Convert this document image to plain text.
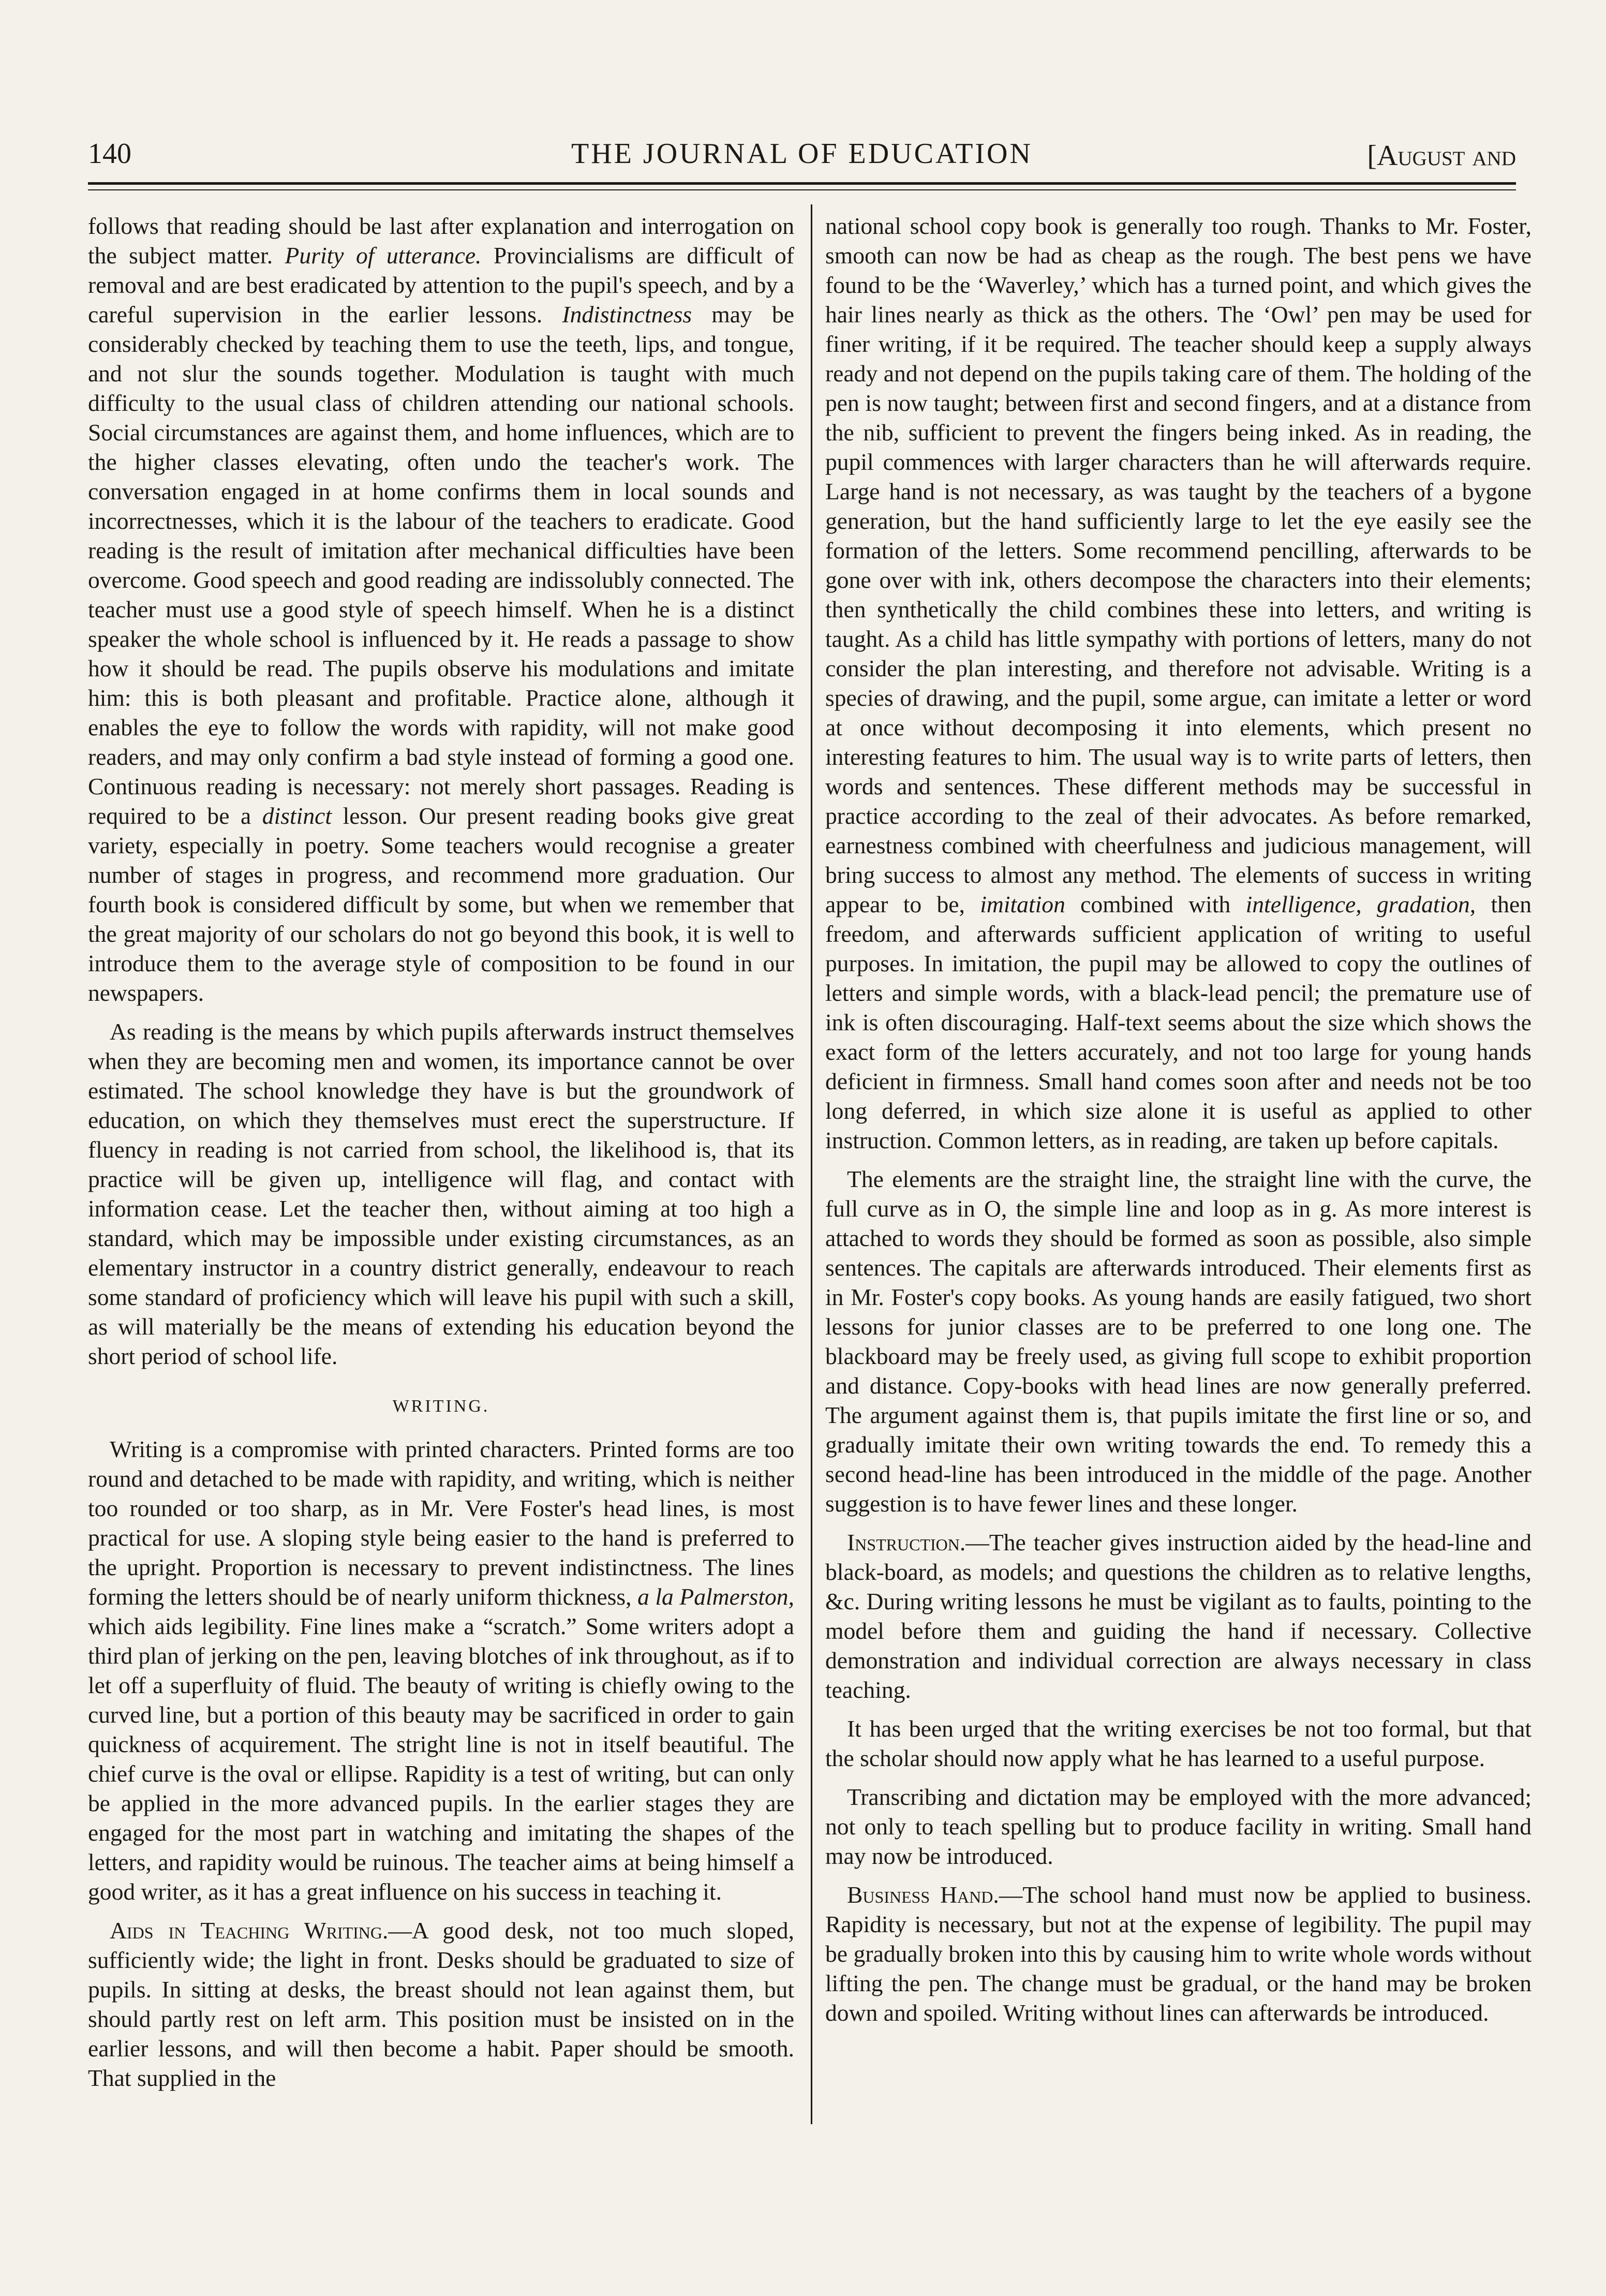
140	THE JOURNAL OF EDUCATION	[August and

follows that reading should be last after explanation and interrogation on the subject matter. Purity of utterance. Provincialisms are difficult of removal and are best eradicated by attention to the pupil's speech, and by a careful supervision in the earlier lessons. Indistinctness may be considerably checked by teaching them to use the teeth, lips, and tongue, and not slur the sounds together. Modulation is taught with much difficulty to the usual class of children attending our national schools. Social circumstances are against them, and home influences, which are to the higher classes elevating, often undo the teacher's work. The conversation engaged in at home confirms them in local sounds and incorrectnesses, which it is the labour of the teachers to eradicate. Good reading is the result of imitation after mechanical difficulties have been overcome. Good speech and good reading are indissolubly connected. The teacher must use a good style of speech himself. When he is a distinct speaker the whole school is influenced by it. He reads a passage to show how it should be read. The pupils observe his modulations and imitate him: this is both pleasant and profitable. Practice alone, although it enables the eye to follow the words with rapidity, will not make good readers, and may only confirm a bad style instead of forming a good one. Continuous reading is necessary: not merely short passages. Reading is required to be a distinct lesson. Our present reading books give great variety, especially in poetry. Some teachers would recognise a greater number of stages in progress, and recommend more graduation. Our fourth book is considered difficult by some, but when we remember that the great majority of our scholars do not go beyond this book, it is well to introduce them to the average style of composition to be found in our newspapers.

As reading is the means by which pupils afterwards instruct themselves when they are becoming men and women, its importance cannot be over estimated. The school knowledge they have is but the groundwork of education, on which they themselves must erect the superstructure. If fluency in reading is not carried from school, the likelihood is, that its practice will be given up, intelligence will flag, and contact with information cease. Let the teacher then, without aiming at too high a standard, which may be impossible under existing circumstances, as an elementary instructor in a country district generally, endeavour to reach some standard of proficiency which will leave his pupil with such a skill, as will materially be the means of extending his education beyond the short period of school life.

WRITING.

Writing is a compromise with printed characters. Printed forms are too round and detached to be made with rapidity, and writing, which is neither too rounded or too sharp, as in Mr. Vere Foster's head lines, is most practical for use. A sloping style being easier to the hand is preferred to the upright. Proportion is necessary to prevent indistinctness. The lines forming the letters should be of nearly uniform thickness, a la Palmerston, which aids legibility. Fine lines make a “scratch.” Some writers adopt a third plan of jerking on the pen, leaving blotches of ink throughout, as if to let off a superfluity of fluid. The beauty of writing is chiefly owing to the curved line, but a portion of this beauty may be sacrificed in order to gain quickness of acquirement. The stright line is not in itself beautiful. The chief curve is the oval or ellipse. Rapidity is a test of writing, but can only be applied in the more advanced pupils. In the earlier stages they are engaged for the most part in watching and imitating the shapes of the letters, and rapidity would be ruinous. The teacher aims at being himself a good writer, as it has a great influence on his success in teaching it.

Aids in Teaching Writing.—A good desk, not too much sloped, sufficiently wide; the light in front. Desks should be graduated to size of pupils. In sitting at desks, the breast should not lean against them, but should partly rest on left arm. This position must be insisted on in the earlier lessons, and will then become a habit. Paper should be smooth. That supplied in the

national school copy book is generally too rough. Thanks to Mr. Foster, smooth can now be had as cheap as the rough. The best pens we have found to be the ‘Waverley,’ which has a turned point, and which gives the hair lines nearly as thick as the others. The ‘Owl’ pen may be used for finer writing, if it be required. The teacher should keep a supply always ready and not depend on the pupils taking care of them. The holding of the pen is now taught; between first and second fingers, and at a distance from the nib, sufficient to prevent the fingers being inked. As in reading, the pupil commences with larger characters than he will afterwards require. Large hand is not necessary, as was taught by the teachers of a bygone generation, but the hand sufficiently large to let the eye easily see the formation of the letters. Some recommend pencilling, afterwards to be gone over with ink, others decompose the characters into their elements; then synthetically the child combines these into letters, and writing is taught. As a child has little sympathy with portions of letters, many do not consider the plan interesting, and therefore not advisable. Writing is a species of drawing, and the pupil, some argue, can imitate a letter or word at once without decomposing it into elements, which present no interesting features to him. The usual way is to write parts of letters, then words and sentences. These different methods may be successful in practice according to the zeal of their advocates. As before remarked, earnestness combined with cheerfulness and judicious management, will bring success to almost any method. The elements of success in writing appear to be, imitation combined with intelligence, gradation, then freedom, and afterwards sufficient application of writing to useful purposes. In imitation, the pupil may be allowed to copy the outlines of letters and simple words, with a black-lead pencil; the premature use of ink is often discouraging. Half-text seems about the size which shows the exact form of the letters accurately, and not too large for young hands deficient in firmness. Small hand comes soon after and needs not be too long deferred, in which size alone it is useful as applied to other instruction. Common letters, as in reading, are taken up before capitals.

The elements are the straight line, the straight line with the curve, the full curve as in O, the simple line and loop as in g. As more interest is attached to words they should be formed as soon as possible, also simple sentences. The capitals are afterwards introduced. Their elements first as in Mr. Foster's copy books. As young hands are easily fatigued, two short lessons for junior classes are to be preferred to one long one. The blackboard may be freely used, as giving full scope to exhibit proportion and distance. Copy-books with head lines are now generally preferred. The argument against them is, that pupils imitate the first line or so, and gradually imitate their own writing towards the end. To remedy this a second head-line has been introduced in the middle of the page. Another suggestion is to have fewer lines and these longer.

Instruction.—The teacher gives instruction aided by the head-line and black-board, as models; and questions the children as to relative lengths, &c. During writing lessons he must be vigilant as to faults, pointing to the model before them and guiding the hand if necessary. Collective demonstration and individual correction are always necessary in class teaching.

It has been urged that the writing exercises be not too formal, but that the scholar should now apply what he has learned to a useful purpose.

Transcribing and dictation may be employed with the more advanced; not only to teach spelling but to produce facility in writing. Small hand may now be introduced.

Business Hand.—The school hand must now be applied to business. Rapidity is necessary, but not at the expense of legibility. The pupil may be gradually broken into this by causing him to write whole words without lifting the pen. The change must be gradual, or the hand may be broken down and spoiled. Writing without lines can afterwards be introduced.
